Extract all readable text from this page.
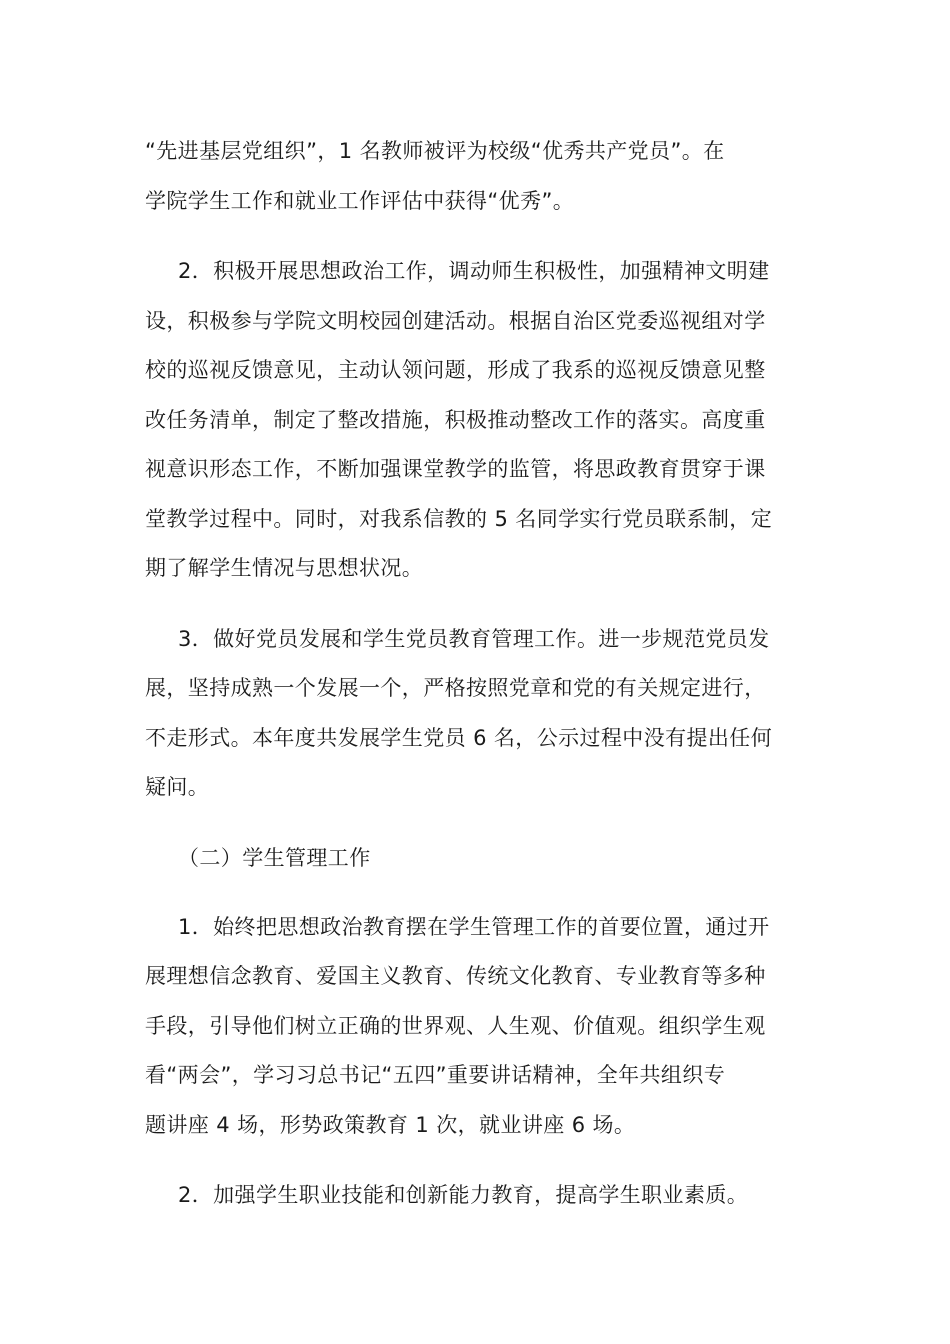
“先进基层党组织”，1 名教师被评为校级“优秀共产党员”。在
学院学生工作和就业工作评估中获得“优秀”。
2．积极开展思想政治工作，调动师生积极性，加强精神文明建
设，积极参与学院文明校园创建活动。根据自治区党委巡视组对学
校的巡视反馈意见，主动认领问题，形成了我系的巡视反馈意见整
改任务清单，制定了整改措施，积极推动整改工作的落实。高度重
视意识形态工作，不断加强课堂教学的监管，将思政教育贯穿于课
堂教学过程中。同时，对我系信教的 5 名同学实行党员联系制，定
期了解学生情况与思想状况。
3．做好党员发展和学生党员教育管理工作。进一步规范党员发
展，坚持成熟一个发展一个，严格按照党章和党的有关规定进行，
不走形式。本年度共发展学生党员 6 名，公示过程中没有提出任何
疑问。
（二）学生管理工作
1．始终把思想政治教育摆在学生管理工作的首要位置，通过开
展理想信念教育、爱国主义教育、传统文化教育、专业教育等多种
手段，引导他们树立正确的世界观、人生观、价值观。组织学生观
看“两会”，学习习总书记“五四”重要讲话精神，全年共组织专
题讲座 4 场，形势政策教育 1 次，就业讲座 6 场。
2．加强学生职业技能和创新能力教育，提高学生职业素质。
